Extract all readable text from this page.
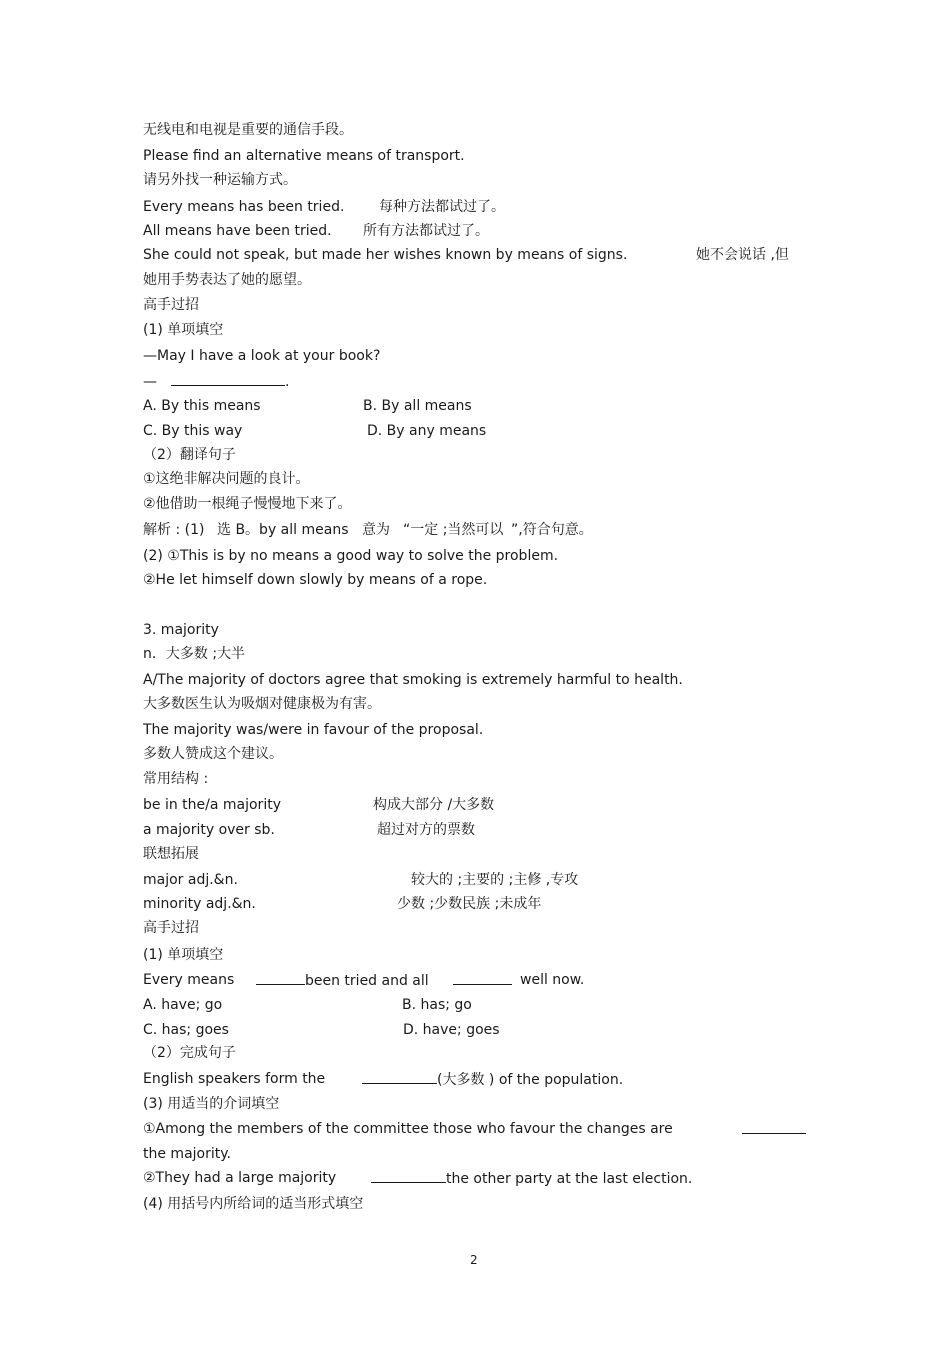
无线电和电视是重要的通信手段。
Please find an alternative means of transport.
请另外找一种运输方式。
Every means has been tried. 每种方法都试过了。
All means have been tried. 所有方法都试过了。
She could not speak, but made her wishes known by means of signs.	她不会说话 ,但
她用手势表达了她的愿望。
高手过招
(1) 单项填空
—May I have a look at your book?
—	.
A. By this means	B. By all means
C. By this way	D. By any means
（2）翻译句子
①这绝非解决问题的良计。
②他借助一根绳子慢慢地下来了。
解析 : (1) 选 B。by all means 意为 “一定 ;当然可以 ”,符合句意。
(2) ①This is by no means a good way to solve the problem.
②He let himself down slowly by means of a rope.
3. majority
n．大多数 ;大半
A/The majority of doctors agree that smoking is extremely harmful to health.
大多数医生认为吸烟对健康极为有害。
The majority was/were in favour of the proposal.
多数人赞成这个建议。
常用结构 :
be in the/a majority	构成大部分 /大多数
a majority over sb.	超过对方的票数
联想拓展
major adj.&n.	较大的 ;主要的 ;主修 ,专攻
minority adj.&n.	少数 ;少数民族 ;未成年
高手过招
(1) 单项填空
Every means	been tried and all	well now.
A. have; go	B. has; go
C. has; goes	D. have; goes
（2）完成句子
English speakers form the	(大多数 ) of the population.
(3) 用适当的介词填空
①Among the members of the committee those who favour the changes are
the majority.
②They had a large majority	the other party at the last election.
(4) 用括号内所给词的适当形式填空
2
